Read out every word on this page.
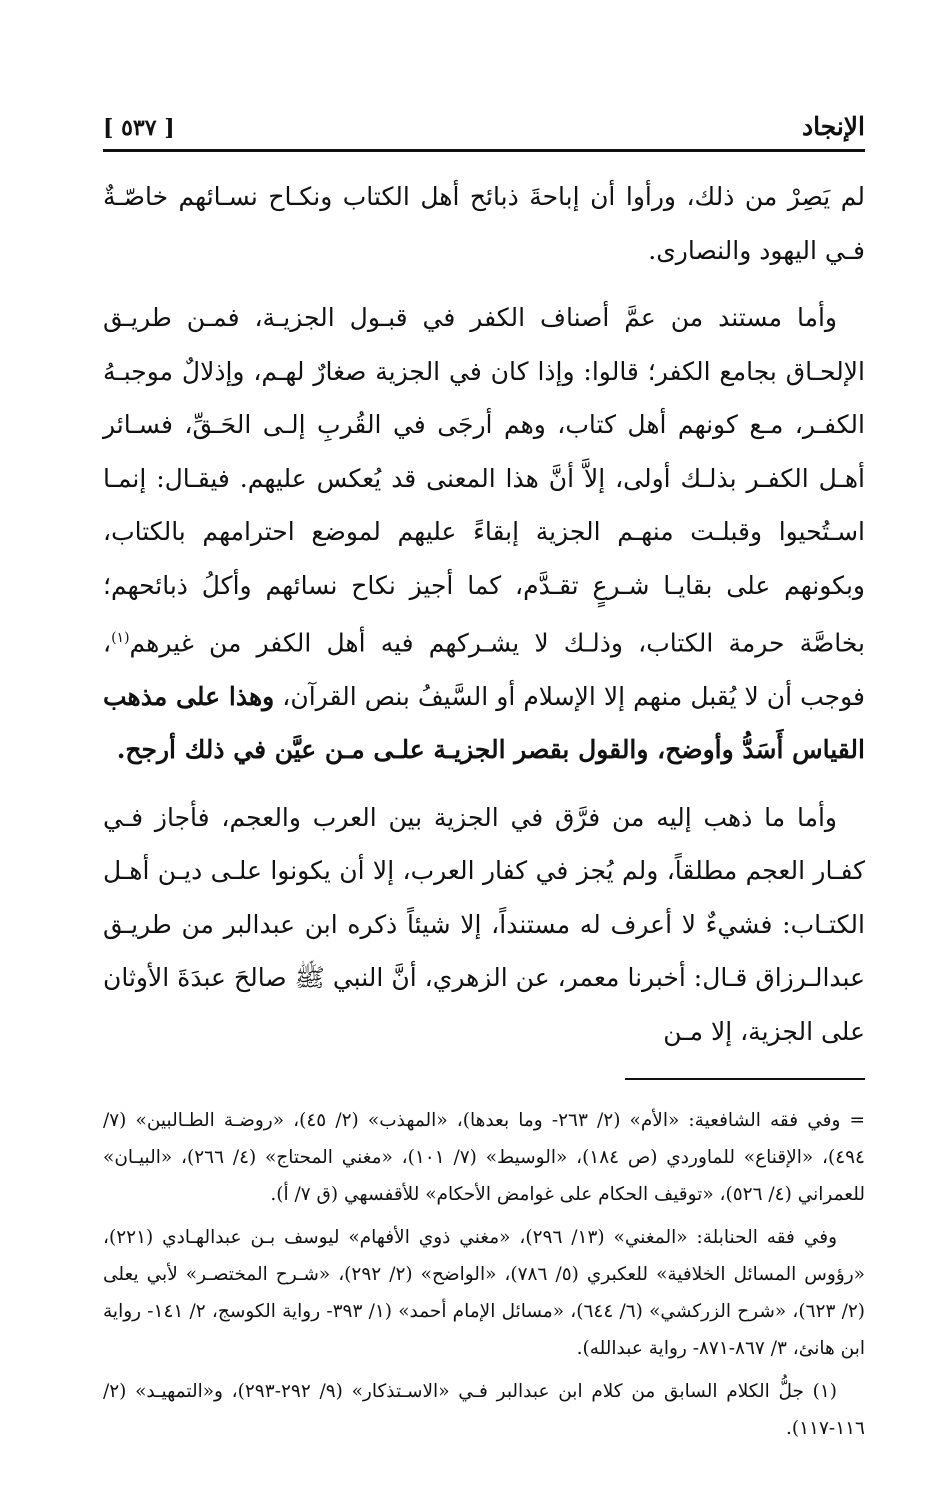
الإنجاد
[ ٥٣٧ ]

لم يَصِرْ من ذلك، ورأوا أن إباحةَ ذبائح أهل الكتاب ونكـاح نسـائهم خاصّـةٌ فـي اليهود والنصارى.

وأما مستند من عمَّ أصناف الكفر في قبـول الجزيـة، فمـن طريـق الإلحـاق بجامع الكفر؛ قالوا: وإذا كان في الجزية صغارٌ لهـم، وإذلالٌ موجبـهُ الكفـر، مـع كونهم أهل كتاب، وهم أرجَى في القُربِ إلـى الحَـقِّ، فسـائر أهـل الكفـر بذلـك أولى، إلاَّ أنَّ هذا المعنى قد يُعكس عليهم. فيقـال: إنمـا اسـتُحيوا وقبلـت منهـم الجزية إبقاءً عليهم لموضع احترامهم بالكتاب، وبكونهم على بقايـا شـرعٍ تقـدَّم، كما أجيز نكاح نسائهم وأكلُ ذبائحهم؛ بخاصَّة حرمة الكتاب، وذلـك لا يشـركهم فيه أهل الكفر من غيرهم$^{(١)}$، فوجب أن لا يُقبل منهم إلا الإسلام أو السَّيفُ بنص القرآن، وهذا على مذهب القياس أَسَدُّ وأوضح، والقول بقصر الجزيـة علـى مـن عيَّن في ذلك أرجح.

وأما ما ذهب إليه من فرَّق في الجزية بين العرب والعجم، فأجاز فـي كفـار العجم مطلقاً، ولم يُجز في كفار العرب، إلا أن يكونوا علـى ديـن أهـل الكتـاب: فشيءٌ لا أعرف له مستنداً، إلا شيئاً ذكره ابن عبدالبر من طريـق عبدالـرزاق قـال: أخبرنا معمر، عن الزهري، أنَّ النبي ﷺ صالحَ عبدَةَ الأوثان على الجزية، إلا مـن

= وفي فقه الشافعية: «الأم» (٢/ ٢٦٣- وما بعدها)، «المهذب» (٢/ ٤٥)، «روضـة الطـالبين» (٧/ ٤٩٤)، «الإقناع» للماوردي (ص ١٨٤)، «الوسيط» (٧/ ١٠١)، «مغني المحتاج» (٤/ ٢٦٦)، «البيـان» للعمراني (٤/ ٥٢٦)، «توقيف الحكام على غوامض الأحكام» للأقفسهي (ق ٧/ أ).

وفي فقه الحنابلة: «المغني» (١٣/ ٢٩٦)، «مغني ذوي الأفهام» ليوسف بـن عبدالهـادي (٢٢١)، «رؤوس المسائل الخلافية» للعكبري (٥/ ٧٨٦)، «الواضح» (٢/ ٢٩٢)، «شـرح المختصـر» لأبي يعلى (٢/ ٦٢٣)، «شرح الزركشي» (٦/ ٦٤٤)، «مسائل الإمام أحمد» (١/ ٣٩٣- رواية الكوسج، ٢/ ١٤١- رواية ابن هانئ، ٣/ ٨٦٧-٨٧١- رواية عبدالله).

(١) جلُّ الكلام السابق من كلام ابن عبدالبر فـي «الاسـتذكار» (٩/ ٢٩٢-٢٩٣)، و«التمهيـد» (٢/ ١١٦-١١٧).
